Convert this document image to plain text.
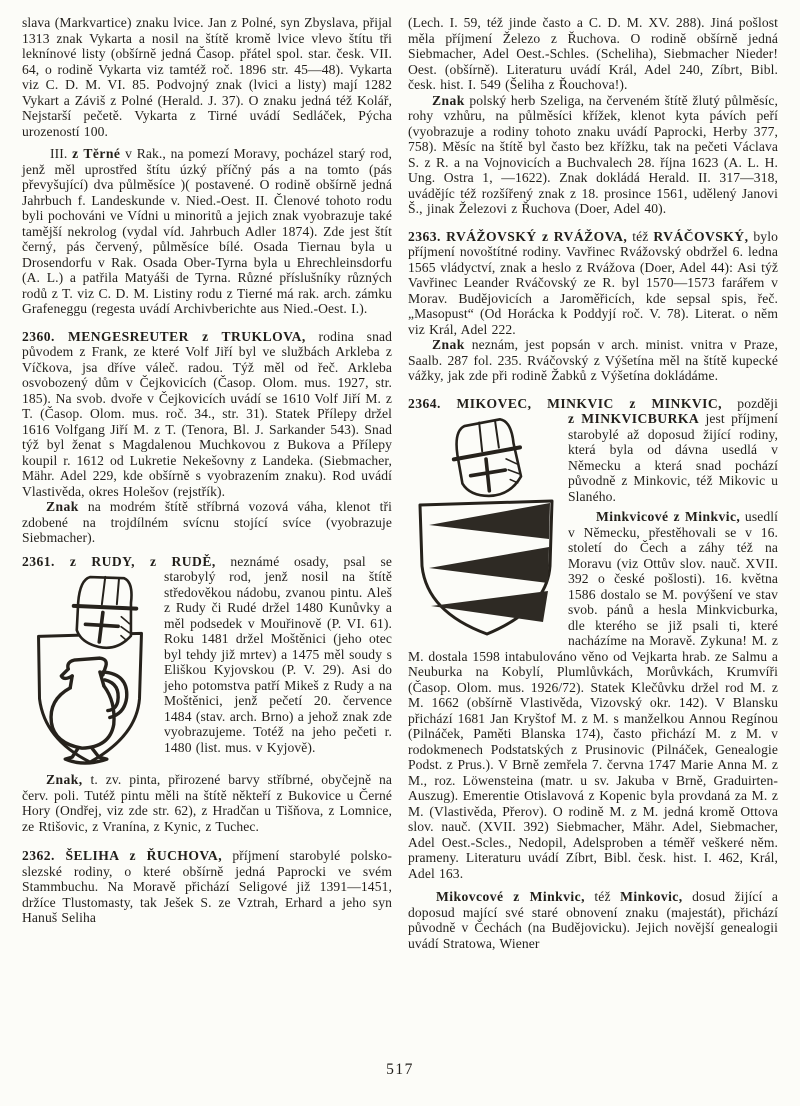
slava (Markvartice) znaku lvice. Jan z Polné, syn Zbyslava, přijal 1313 znak Vykarta a nosil na štítě kromě lvice vlevo štítu tři leknínové listy (obšírně jedná Časop. přátel spol. star. česk. VII. 64, o rodině Vykarta viz tamtéž roč. 1896 str. 45—48). Vykarta viz C. D. M. VI. 85. Podvojný znak (lvici a listy) mají 1282 Vykart a Záviš z Polné (Herald. J. 37). O znaku jedná též Kolář, Nejstarší pečetě. Vykarta z Tirné uvádí Sedláček, Pýcha urozeností 100.

III. z Těrné v Rak., na pomezí Moravy, pocházel starý rod, jenž měl uprostřed štítu úzký příčný pás a na tomto (pás převyšující) dva půlměsíce )( postavené. O rodině obšírně jedná Jahrbuch f. Landeskunde v. Nied.-Oest. II. Členové tohoto rodu byli pochováni ve Vídni u minoritů a jejich znak vyobrazuje také tamější nekrolog (vydal víd. Jahrbuch Adler 1874). Zde jest štít černý, pás červený, půlměsíce bílé. Osada Tiernau byla u Drosendorfu v Rak. Osada Ober-Tyrna byla u Ehrechleinsdorfu (A. L.) a patřila Matyáši de Tyrna. Různé příslušníky různých rodů z T. viz C. D. M. Listiny rodu z Tierné má rak. arch. zámku Grafeneggu (regesta uvádí Archivberichte aus Nied.-Oest. I.).

2360. MENGESREUTER z TRUKLOVA, rodina snad původem z Frank, ze které Volf Jiří byl ve službách Arkleba z Víčkova, jsa dříve váleč. radou. Týž měl od řeč. Arkleba osvobozený dům v Čejkovicích (Časop. Olom. mus. 1927, str. 185). Na svob. dvoře v Čejkovicích uvádí se 1610 Volf Jiří M. z T. (Časop. Olom. mus. roč. 34., str. 31). Statek Přílepy držel 1616 Volfgang Jiří M. z T. (Tenora, Bl. J. Sarkander 543). Snad týž byl ženat s Magdalenou Muchkovou z Bukova a Přílepy koupil r. 1612 od Lukretie Nekešovny z Landeka. (Siebmacher, Mähr. Adel 229, kde obšírně s vyobrazením znaku). Rod uvádí Vlastivěda, okres Holešov (rejstřík).

Znak na modrém štítě stříbrná vozová váha, klenot tři zdobené na trojdílném svícnu stojící svíce (vyobrazuje Siebmacher).

2361. z RUDY, z RUDĚ, neznámé osady, psal se
starobylý rod, jenž nosil na štítě středověkou nádobu, zvanou pintu. Aleš z Rudy či Rudé držel 1480 Kunůvky a měl podsedek v Mouřinově (P. VI. 61). Roku 1481 držel Moštěnici (jeho otec byl tehdy již mrtev) a 1475 měl soudy s Eliškou Kyjovskou (P. V. 29). Asi do jeho potomstva patří Mikeš z Rudy a na Moštěnici, jenž pečetí 20. července 1484 (stav. arch. Brno) a jehož znak zde vyobrazujeme. Totéž na jeho pečeti r. 1480 (list. mus. v Kyjově).

Znak, t. zv. pinta, přirozené barvy stříbrné, obyčejně na červ. poli. Tutéž pintu měli na štítě někteří z Bukovice u Černé Hory (Ondřej, viz zde str. 62), z Hradčan u Tišňova, z Lomnice, ze Rtišovic, z Vranína, z Kynic, z Tuchec.

2362. ŠELIHA z ŘUCHOVA, příjmení starobylé polsko-slezské rodiny, o které obšírně jedná Paprocki ve svém Stammbuchu. Na Moravě přichází Seligové již 1391—1451, držíce Tlustomasty, tak Ješek S. ze Vztrah, Erhard a jeho syn Hanuš Seliha

(Lech. I. 59, též jinde často a C. D. M. XV. 288). Jiná pošlost měla příjmení Železo z Řuchova. O rodině obšírně jedná Siebmacher, Adel Oest.-Schles. (Scheliha), Siebmacher Nieder! Oest. (obšírně). Literaturu uvádí Král, Adel 240, Zíbrt, Bibl. česk. hist. I. 549 (Šeliha z Řouchova!).

Znak polský herb Szeliga, na červeném štítě žlutý půlměsíc, rohy vzhůru, na půlměsíci křížek, klenot kyta pávích peří (vyobrazuje a rodiny tohoto znaku uvádí Paprocki, Herby 377, 758). Měsíc na štítě byl často bez křížku, tak na pečeti Václava S. z R. a na Vojnovicích a Buchvalech 28. října 1623 (A. L. H. Ung. Ostra 1, —1622). Znak dokládá Herald. II. 317—318, uvádějíc též rozšířený znak z 18. prosince 1561, udělený Janovi Š., jinak Železovi z Řuchova (Doer, Adel 40).

2363. RVÁŽOVSKÝ z RVÁŽOVA, též RVÁČOVSKÝ, bylo příjmení novoštítné rodiny. Vavřinec Rvážovský obdržel 6. ledna 1565 vládyctví, znak a heslo z Rvážova (Doer, Adel 44): Asi týž Vavřinec Leander Rváčovský ze R. byl 1570—1573 farářem v Morav. Budějovicích a Jaroměřicích, kde sepsal spis, řeč. „Masopust“ (Od Horácka k Poddyjí roč. V. 78). Literat. o něm viz Král, Adel 222.

Znak neznám, jest popsán v arch. minist. vnitra v Praze, Saalb. 287 fol. 235. Rváčovský z Výšetína měl na štítě kupecké vážky, jak zde při rodině Žabků z Výšetína dokládáme.

2364. MIKOVEC, MINKVIC z MINKVIC, později
z MINKVICBURKA jest příjmení starobylé až doposud žijící rodiny, která byla od dávna usedlá v Německu a která snad pochází původně z Minkovic, též Mikovic u Slaného.

Minkvicové z Minkvic, usedlí v Německu, přestěhovali se v 16. století do Čech a záhy též na Moravu (viz Ottův slov. nauč. XVII. 392 o české pošlosti). 16. května 1586 dostalo se M. povýšení ve stav svob. pánů a hesla Minkvicburka, dle kterého se již psali ti, které nacházíme na Moravě. Zykuna! M. z M. dostala 1598 intabulováno věno od Vejkarta hrab. ze Salmu a Neuburka na Kobylí, Plumlůvkách, Morůvkách, Krumvíři (Časop. Olom. mus. 1926/72). Statek Klečůvku držel rod M. z M. 1662 (obšírně Vlastivěda, Vizovský okr. 142). V Blansku přichází 1681 Jan Kryštof M. z M. s manželkou Annou Regínou (Pilnáček, Paměti Blanska 174), často přichází M. z M. v rodokmenech Podstatských z Prusinovic (Pilnáček, Genealogie Podst. z Prus.). V Brně zemřela 7. června 1747 Marie Anna M. z M., roz. Löwensteina (matr. u sv. Jakuba v Brně, Graduirten-Auszug). Emerentie Otislavová z Kopenic byla provdaná za M. z M. (Vlastivěda, Přerov). O rodině M. z M. jedná kromě Ottova slov. nauč. (XVII. 392) Siebmacher, Mähr. Adel, Siebmacher, Adel Oest.-Scles., Nedopil, Adelsproben a téměř veškeré něm. prameny. Literaturu uvádí Zíbrt, Bibl. česk. hist. I. 462, Král, Adel 163.

Mikovcové z Minkvic, též Minkovic, dosud žijící a doposud mající své staré obnovení znaku (majestát), přichází původně v Čechách (na Budějovicku). Jejich novější genealogii uvádí Stratowa, Wiener

517
